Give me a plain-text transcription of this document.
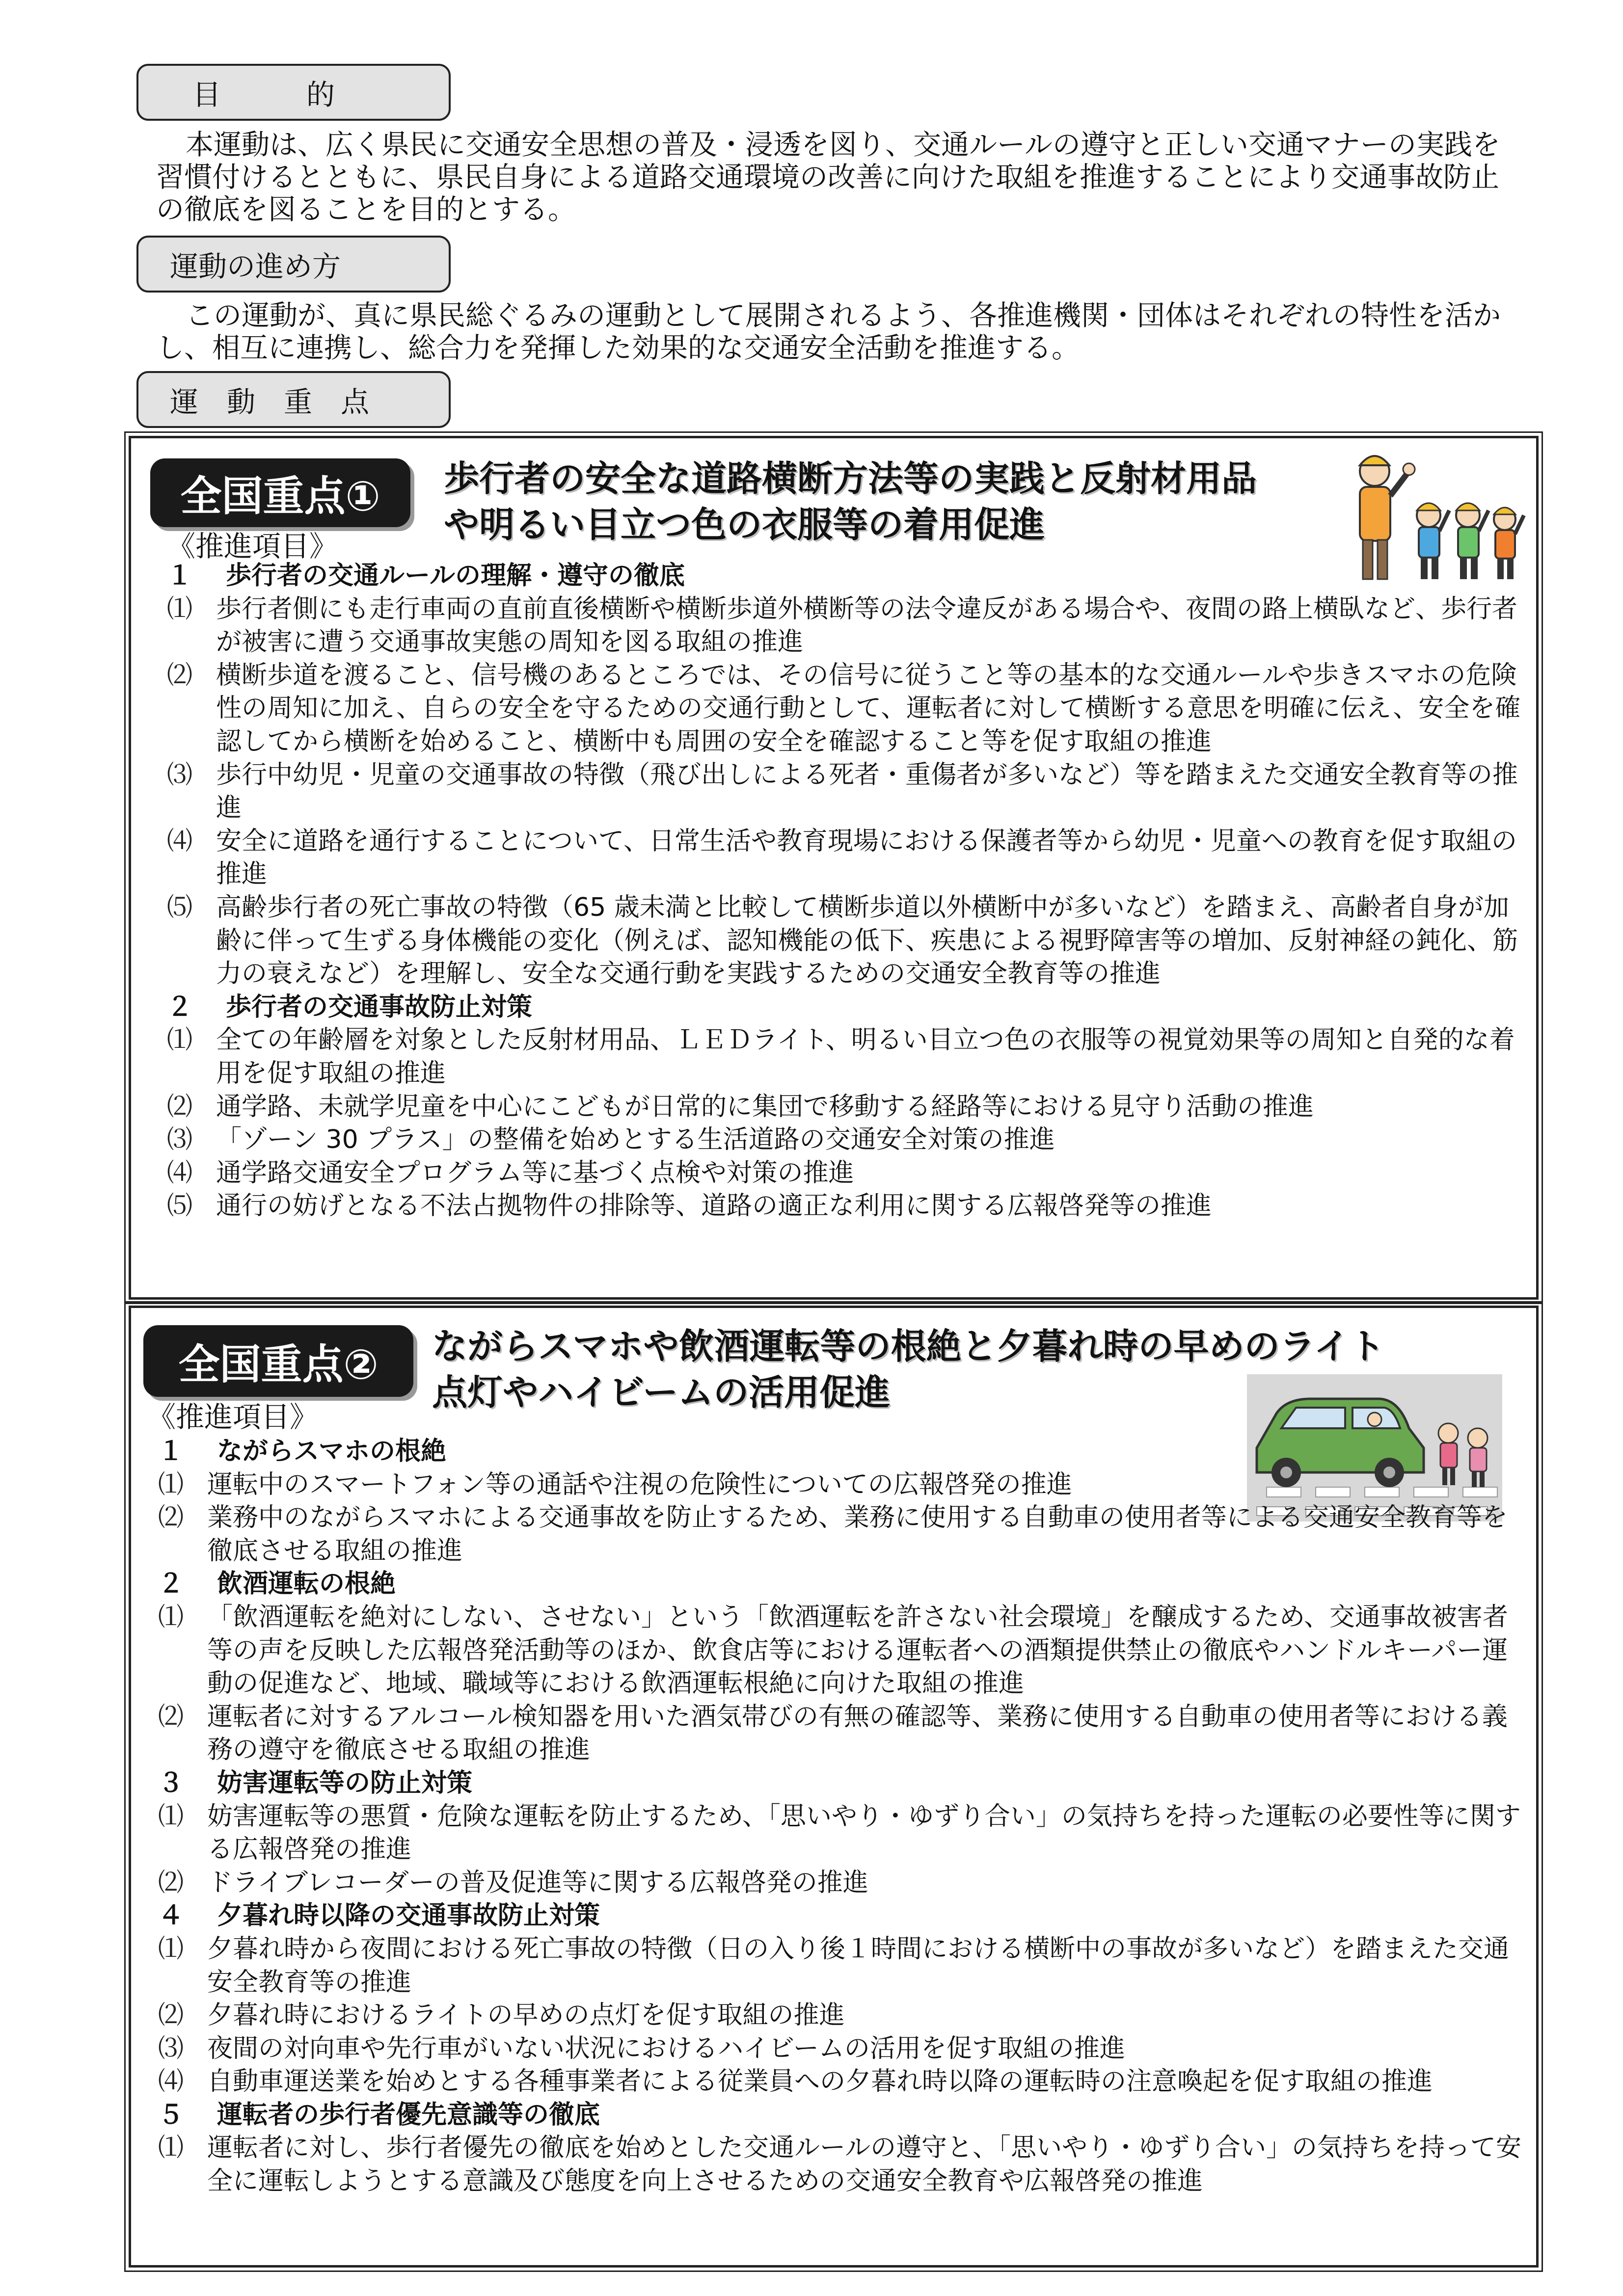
目　　　的
本運動は、広く県民に交通安全思想の普及・浸透を図り、交通ルールの遵守と正しい交通マナーの実践を習慣付けるとともに、県民自身による道路交通環境の改善に向けた取組を推進することにより交通事故防止の徹底を図ることを目的とする。
運動の進め方
この運動が、真に県民総ぐるみの運動として展開されるよう、各推進機関・団体はそれぞれの特性を活かし、相互に連携し、総合力を発揮した効果的な交通安全活動を推進する。
運　動　重　点
全国重点①	歩行者の安全な道路横断方法等の実践と反射材用品
や明るい目立つ色の衣服等の着用促進
《推進項目》
１	歩行者の交通ルールの理解・遵守の徹底
⑴ 歩行者側にも走行車両の直前直後横断や横断歩道外横断等の法令違反がある場合や、夜間の路上横臥など、歩行者が被害に遭う交通事故実態の周知を図る取組の推進
⑵ 横断歩道を渡ること、信号機のあるところでは、その信号に従うこと等の基本的な交通ルールや歩きスマホの危険性の周知に加え、自らの安全を守るための交通行動として、運転者に対して横断する意思を明確に伝え、安全を確認してから横断を始めること、横断中も周囲の安全を確認すること等を促す取組の推進
⑶ 歩行中幼児・児童の交通事故の特徴（飛び出しによる死者・重傷者が多いなど）等を踏まえた交通安全教育等の推進
⑷ 安全に道路を通行することについて、日常生活や教育現場における保護者等から幼児・児童への教育を促す取組の推進
⑸ 高齢歩行者の死亡事故の特徴（65 歳未満と比較して横断歩道以外横断中が多いなど）を踏まえ、高齢者自身が加齢に伴って生ずる身体機能の変化（例えば、認知機能の低下、疾患による視野障害等の増加、反射神経の鈍化、筋力の衰えなど）を理解し、安全な交通行動を実践するための交通安全教育等の推進
２	歩行者の交通事故防止対策
⑴ 全ての年齢層を対象とした反射材用品、ＬＥＤライト、明るい目立つ色の衣服等の視覚効果等の周知と自発的な着用を促す取組の推進
⑵ 通学路、未就学児童を中心にこどもが日常的に集団で移動する経路等における見守り活動の推進
⑶ 「ゾーン 30 プラス」の整備を始めとする生活道路の交通安全対策の推進
⑷ 通学路交通安全プログラム等に基づく点検や対策の推進
⑸ 通行の妨げとなる不法占拠物件の排除等、道路の適正な利用に関する広報啓発等の推進
全国重点②	ながらスマホや飲酒運転等の根絶と夕暮れ時の早めのライト
点灯やハイビームの活用促進
《推進項目》
１	ながらスマホの根絶
⑴ 運転中のスマートフォン等の通話や注視の危険性についての広報啓発の推進
⑵ 業務中のながらスマホによる交通事故を防止するため、業務に使用する自動車の使用者等による交通安全教育等を徹底させる取組の推進
２	飲酒運転の根絶
⑴ 「飲酒運転を絶対にしない、させない」という「飲酒運転を許さない社会環境」を醸成するため、交通事故被害者等の声を反映した広報啓発活動等のほか、飲食店等における運転者への酒類提供禁止の徹底やハンドルキーパー運動の促進など、地域、職域等における飲酒運転根絶に向けた取組の推進
⑵ 運転者に対するアルコール検知器を用いた酒気帯びの有無の確認等、業務に使用する自動車の使用者等における義務の遵守を徹底させる取組の推進
３	妨害運転等の防止対策
⑴ 妨害運転等の悪質・危険な運転を防止するため、「思いやり・ゆずり合い」の気持ちを持った運転の必要性等に関する広報啓発の推進
⑵ ドライブレコーダーの普及促進等に関する広報啓発の推進
４	夕暮れ時以降の交通事故防止対策
⑴ 夕暮れ時から夜間における死亡事故の特徴（日の入り後１時間における横断中の事故が多いなど）を踏まえた交通安全教育等の推進
⑵ 夕暮れ時におけるライトの早めの点灯を促す取組の推進
⑶ 夜間の対向車や先行車がいない状況におけるハイビームの活用を促す取組の推進
⑷ 自動車運送業を始めとする各種事業者による従業員への夕暮れ時以降の運転時の注意喚起を促す取組の推進
５	運転者の歩行者優先意識等の徹底
⑴ 運転者に対し、歩行者優先の徹底を始めとした交通ルールの遵守と、「思いやり・ゆずり合い」の気持ちを持って安全に運転しようとする意識及び態度を向上させるための交通安全教育や広報啓発の推進
